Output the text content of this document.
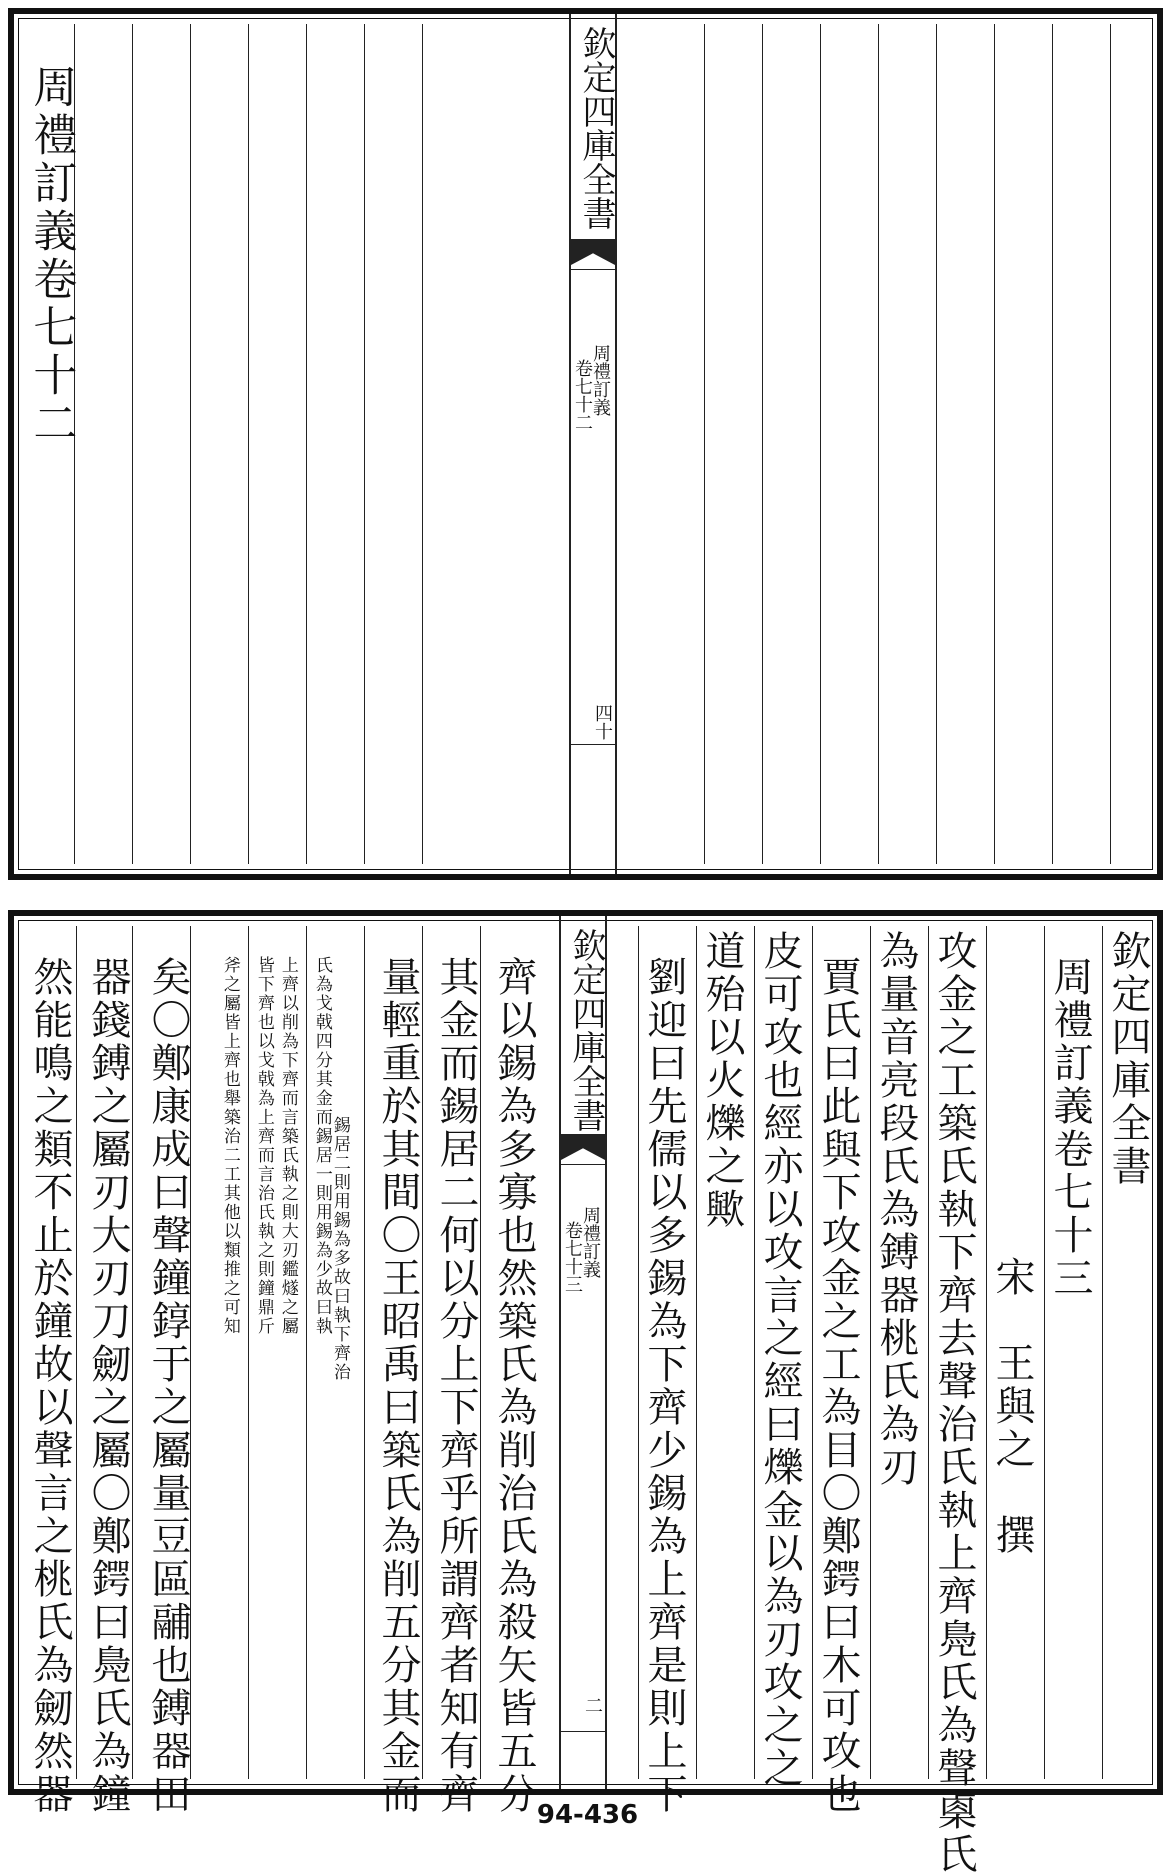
周禮訂義卷七十二	欽定四庫全書
周禮訂義
卷七十二
四十
欽定四庫全書
周禮訂義卷七十三
宋　王與之　撰
攻金之工築氏執下齊去聲治氏執上齊鳧氏為聲㮚氏
為量音亮段氏為鎛器桃氏為刃
賈氏曰此與下攻金之工為目〇鄭鍔曰木可攻也
皮可攻也經亦以攻言之經曰爍金以為刃攻之之
道殆以火爍之歟
劉迎曰先儒以多錫為下齊少錫為上齊是則上下
欽定四庫全書
周禮訂義
卷七十三
二
齊以錫為多寡也然築氏為削治氏為殺矢皆五分
其金而錫居二何以分上下齊乎所謂齊者知有齊
量輕重於其間〇王昭禹曰築氏為削五分其金而
錫居二則用錫為多故曰執下齊治
氏為戈戟四分其金而錫居一則用錫為少故曰執
上齊以削為下齊而言築氏執之則大刃鑑燧之屬
皆下齊也以戈戟為上齊而言治氏執之則鐘鼎斤
斧之屬皆上齊也舉築治二工其他以類推之可知
矣〇鄭康成曰聲鐘錞于之屬量豆區鬴也鎛器田
器錢鎛之屬刃大刃刀劒之屬〇鄭鍔曰鳧氏為鐘
然能鳴之類不止於鐘故以聲言之桃氏為劒然器	94-436
